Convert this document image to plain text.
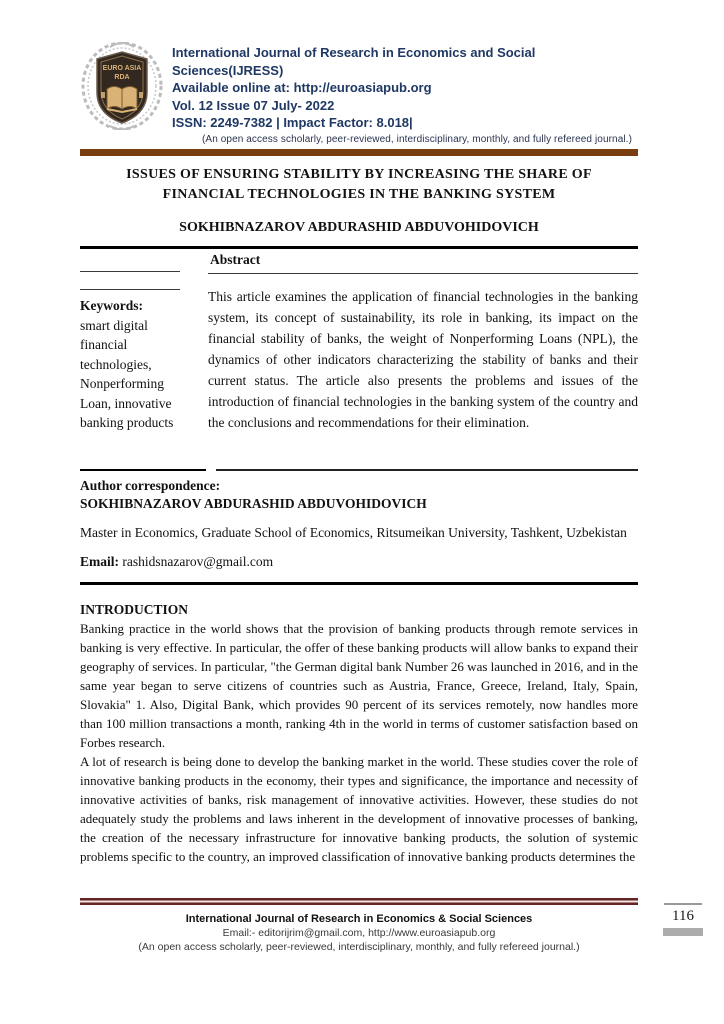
EURO ASIA
RDA
International Journal of Research in Economics and Social Sciences(IJRESS)
Available online at: http://euroasiapub.org
Vol. 12 Issue 07 July- 2022
ISSN: 2249-7382 | Impact Factor: 8.018|
(An open access scholarly, peer-reviewed, interdisciplinary, monthly, and fully refereed journal.)
ISSUES OF ENSURING STABILITY BY INCREASING THE SHARE OF
FINANCIAL TECHNOLOGIES IN THE BANKING SYSTEM
SOKHIBNAZAROV ABDURASHID ABDUVOHIDOVICH
Keywords:
smart digital financial technologies, Nonperforming Loan, innovative banking products
Abstract
This article examines the application of financial technologies in the banking system, its concept of sustainability, its role in banking, its impact on the financial stability of banks, the weight of Nonperforming Loans (NPL), the dynamics of other indicators characterizing the stability of banks and their current status. The article also presents the problems and issues of the introduction of financial technologies in the banking system of the country and the conclusions and recommendations for their elimination.
Author correspondence:
SOKHIBNAZAROV ABDURASHID ABDUVOHIDOVICH
Master in Economics, Graduate School of Economics, Ritsumeikan University, Tashkent, Uzbekistan
Email: rashidsnazarov@gmail.com
INTRODUCTION

Banking practice in the world shows that the provision of banking products through remote services in banking is very effective. In particular, the offer of these banking products will allow banks to expand their geography of services. In particular, "the German digital bank Number 26 was launched in 2016, and in the same year began to serve citizens of countries such as Austria, France, Greece, Ireland, Italy, Spain, Slovakia" 1. Also, Digital Bank, which provides 90 percent of its services remotely, now handles more than 100 million transactions a month, ranking 4th in the world in terms of customer satisfaction based on Forbes research.

A lot of research is being done to develop the banking market in the world. These studies cover the role of innovative banking products in the economy, their types and significance, the importance and necessity of innovative activities of banks, risk management of innovative activities. However, these studies do not adequately study the problems and laws inherent in the development of innovative processes of banking, the creation of the necessary infrastructure for innovative banking products, the solution of systemic problems specific to the country, an improved classification of innovative banking products determines the

International Journal of Research in Economics & Social Sciences
Email:- editorijrim@gmail.com, http://www.euroasiapub.org
(An open access scholarly, peer-reviewed, interdisciplinary, monthly, and fully refereed journal.)
116
